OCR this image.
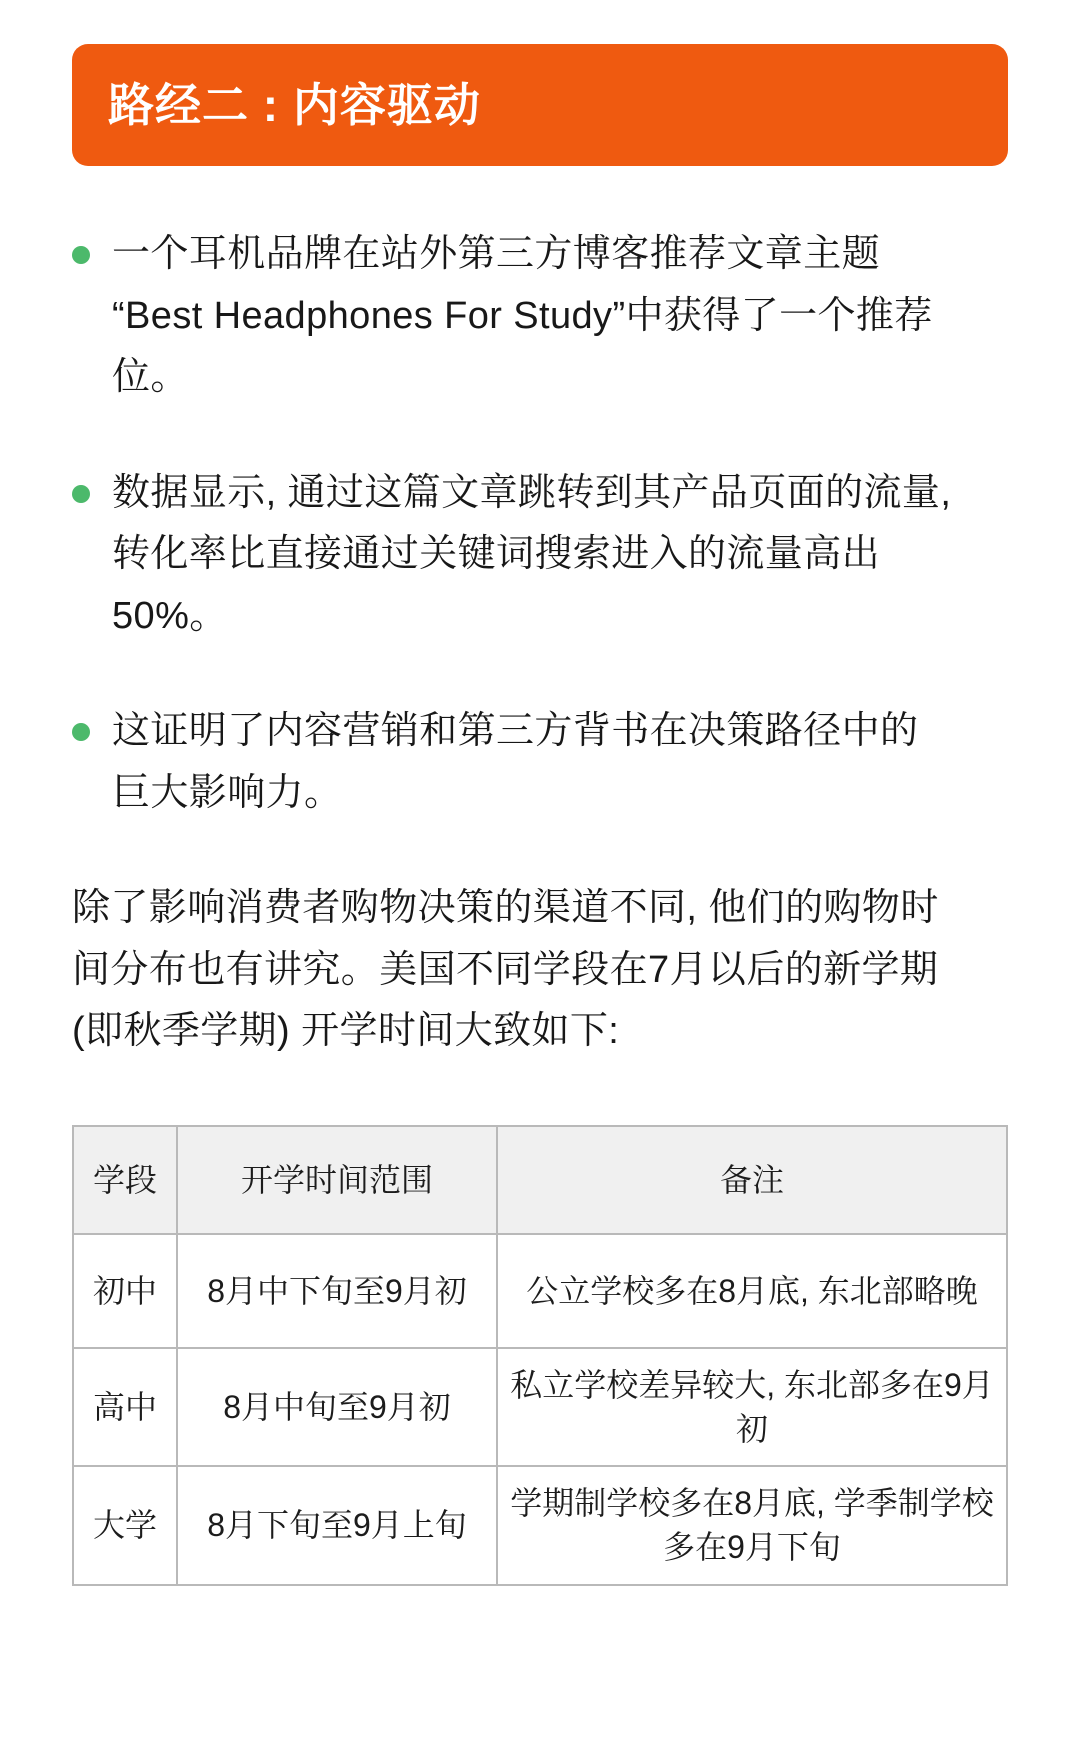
路经二 : 内容驱动
一个耳机品牌在站外第三方博客推荐文章主题“Best Headphones For Study”中获得了一个推荐位。
数据显示, 通过这篇文章跳转到其产品页面的流量, 转化率比直接通过关键词搜索进入的流量高出50%。
这证明了内容营销和第三方背书在决策路径中的巨大影响力。
除了影响消费者购物决策的渠道不同, 他们的购物时间分布也有讲究。美国不同学段在7月以后的新学期 (即秋季学期) 开学时间大致如下:
学段	开学时间范围	备注
初中	8月中下旬至9月初	公立学校多在8月底, 东北部略晚
高中	8月中旬至9月初	私立学校差异较大, 东北部多在9月初
大学	8月下旬至9月上旬	学期制学校多在8月底, 学季制学校多在9月下旬
